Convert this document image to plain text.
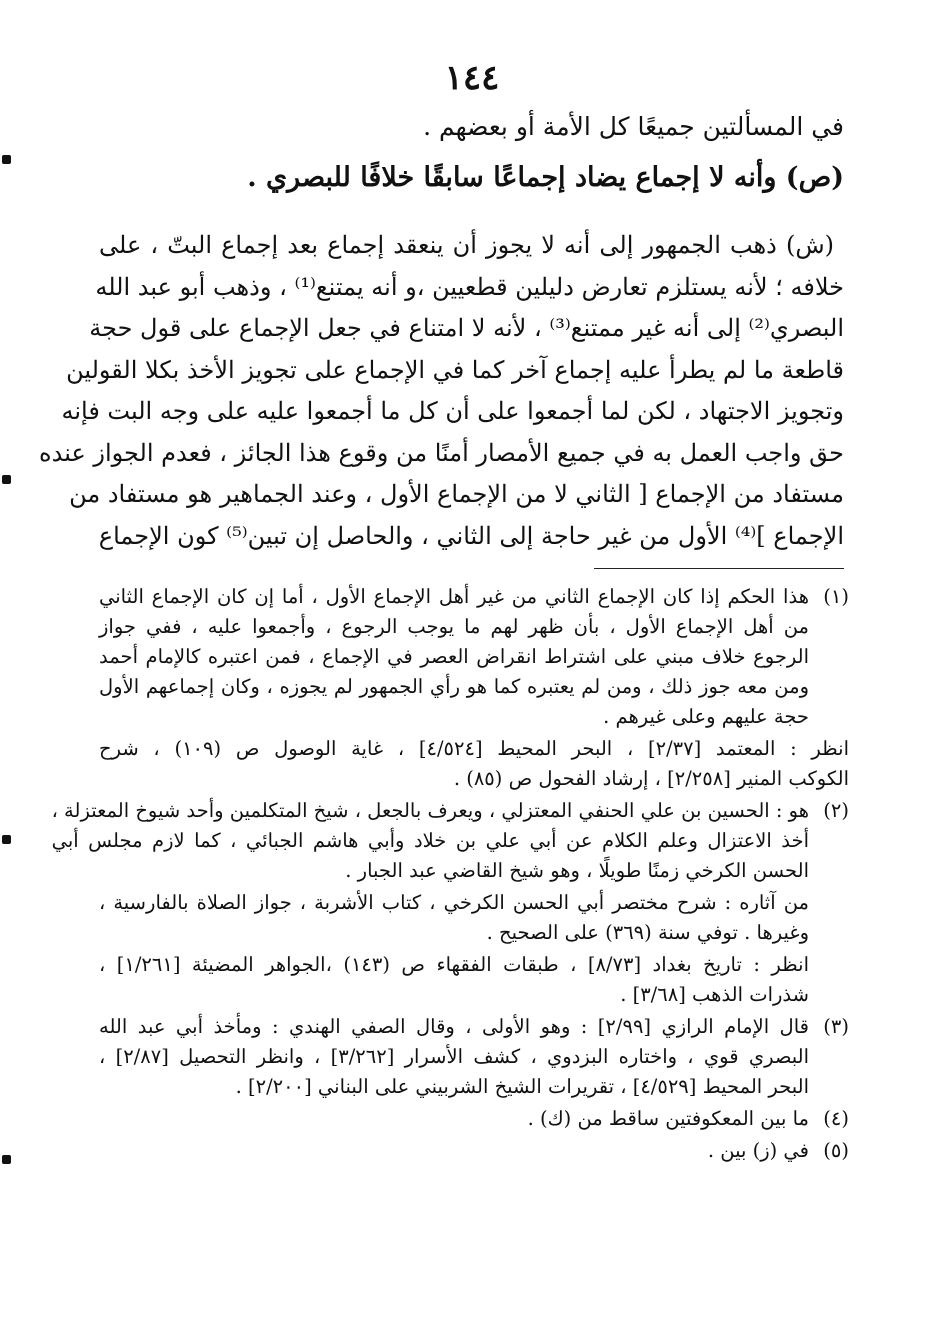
١٤٤
في المسألتين جميعًا كل الأمة أو بعضهم .
(ص) وأنه لا إجماع يضاد إجماعًا سابقًا خلافًا للبصري .
(ش) ذهب الجمهور إلى أنه لا يجوز أن ينعقد إجماع بعد إجماع البتّ ، على
خلافه ؛ لأنه يستلزم تعارض دليلين قطعيين ،و أنه يمتنع⁽¹⁾ ، وذهب أبو عبد الله
البصري⁽²⁾ إلى أنه غير ممتنع⁽³⁾ ، لأنه لا امتناع في جعل الإجماع على قول حجة
قاطعة ما لم يطرأ عليه إجماع آخر كما في الإجماع على تجويز الأخذ بكلا القولين
وتجويز الاجتهاد ، لكن لما أجمعوا على أن كل ما أجمعوا عليه على وجه البت فإنه
حق واجب العمل به في جميع الأمصار أمنًا من وقوع هذا الجائز ، فعدم الجواز عنده
مستفاد من الإجماع [ الثاني لا من الإجماع الأول ، وعند الجماهير هو مستفاد من
الإجماع ]⁽⁴⁾ الأول من غير حاجة إلى الثاني ، والحاصل إن تبين⁽⁵⁾ كون الإجماع
(١)
هذا الحكم إذا كان الإجماع الثاني من غير أهل الإجماع الأول ، أما إن كان الإجماع الثاني
من أهل الإجماع الأول ، بأن ظهر لهم ما يوجب الرجوع ، وأجمعوا عليه ، ففي جواز
الرجوع خلاف مبني على اشتراط انقراض العصر في الإجماع ، فمن اعتبره كالإمام أحمد
ومن معه جوز ذلك ، ومن لم يعتبره كما هو رأي الجمهور لم يجوزه ، وكان إجماعهم الأول
حجة عليهم وعلى غيرهم .
انظر : المعتمد [٢/٣٧] ، البحر المحيط [٤/٥٢٤] ، غاية الوصول ص (١٠٩) ، شرح
الكوكب المنير [٢/٢٥٨] ، إرشاد الفحول ص (٨٥) .
(٢)
هو : الحسين بن علي الحنفي المعتزلي ، ويعرف بالجعل ، شيخ المتكلمين وأحد شيوخ المعتزلة ،
أخذ الاعتزال وعلم الكلام عن أبي علي بن خلاد وأبي هاشم الجبائي ، كما لازم مجلس أبي
الحسن الكرخي زمنًا طويلًا ، وهو شيخ القاضي عبد الجبار .
من آثاره : شرح مختصر أبي الحسن الكرخي ، كتاب الأشربة ، جواز الصلاة بالفارسية ،
وغيرها . توفي سنة (٣٦٩) على الصحيح .
انظر : تاريخ بغداد [٨/٧٣] ، طبقات الفقهاء ص (١٤٣) ،الجواهر المضيئة [١/٢٦١] ،
شذرات الذهب [٣/٦٨] .
(٣)
قال الإمام الرازي [٢/٩٩] : وهو الأولى ، وقال الصفي الهندي : ومأخذ أبي عبد الله
البصري قوي ، واختاره البزدوي ، كشف الأسرار [٣/٢٦٢] ، وانظر التحصيل [٢/٨٧] ،
البحر المحيط [٤/٥٢٩] ، تقريرات الشيخ الشربيني على البناني [٢/٢٠٠] .
(٤)
ما بين المعكوفتين ساقط من (ك) .
(٥)
في (ز) بين .
